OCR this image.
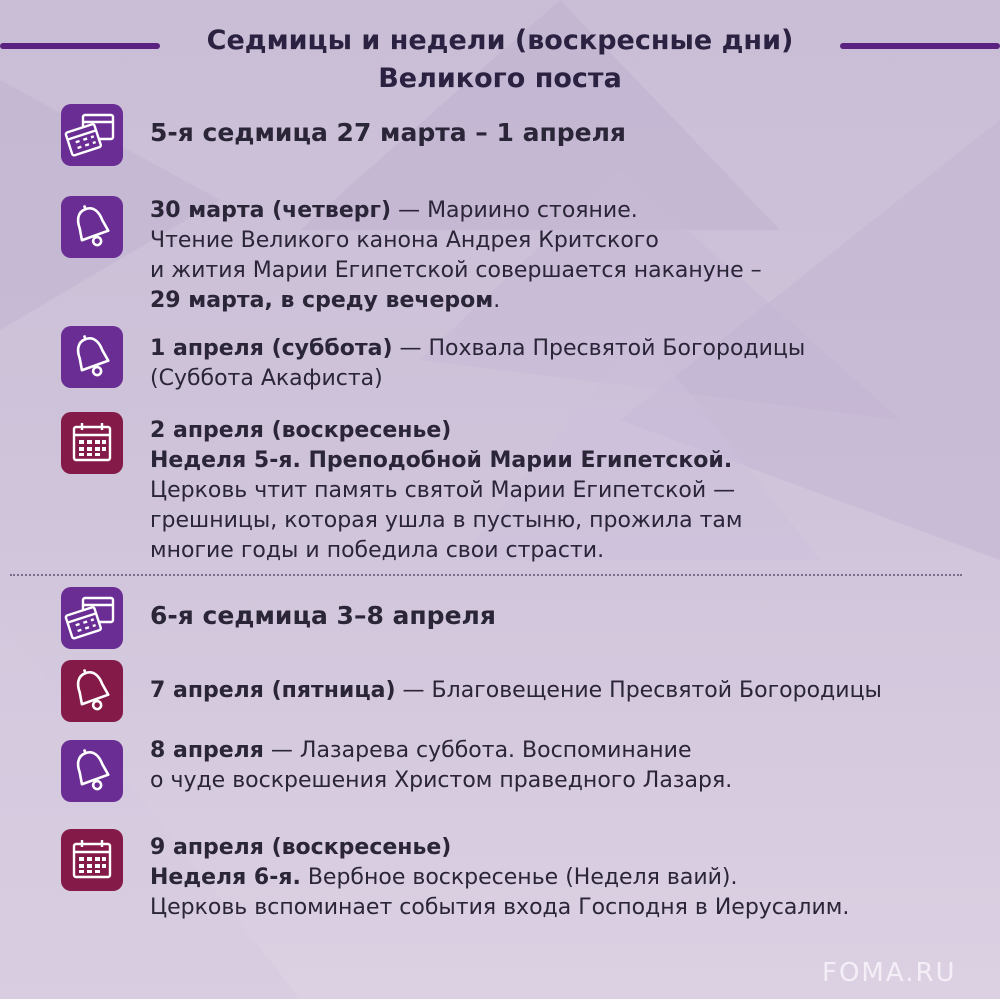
Седмицы и недели (воскресные дни)
Великого поста
5-я седмица 27 марта – 1 апреля
30 марта (четверг) — Мариино стояние.
Чтение Великого канона Андрея Критского
и жития Марии Египетской совершается накануне –
29 марта, в среду вечером.
1 апреля (суббота) — Похвала Пресвятой Богородицы
(Суббота Акафиста)
2 апреля (воскресенье)
Неделя 5-я. Преподобной Марии Египетской.
Церковь чтит память святой Марии Египетской —
грешницы, которая ушла в пустыню, прожила там
многие годы и победила свои страсти.
6-я седмица 3–8 апреля
7 апреля (пятница) — Благовещение Пресвятой Богородицы
8 апреля — Лазарева суббота. Воспоминание
о чуде воскрешения Христом праведного Лазаря.
9 апреля (воскресенье)
Неделя 6-я. Вербное воскресенье (Неделя ваий).
Церковь вспоминает события входа Господня в Иерусалим.
FOMA.RU
